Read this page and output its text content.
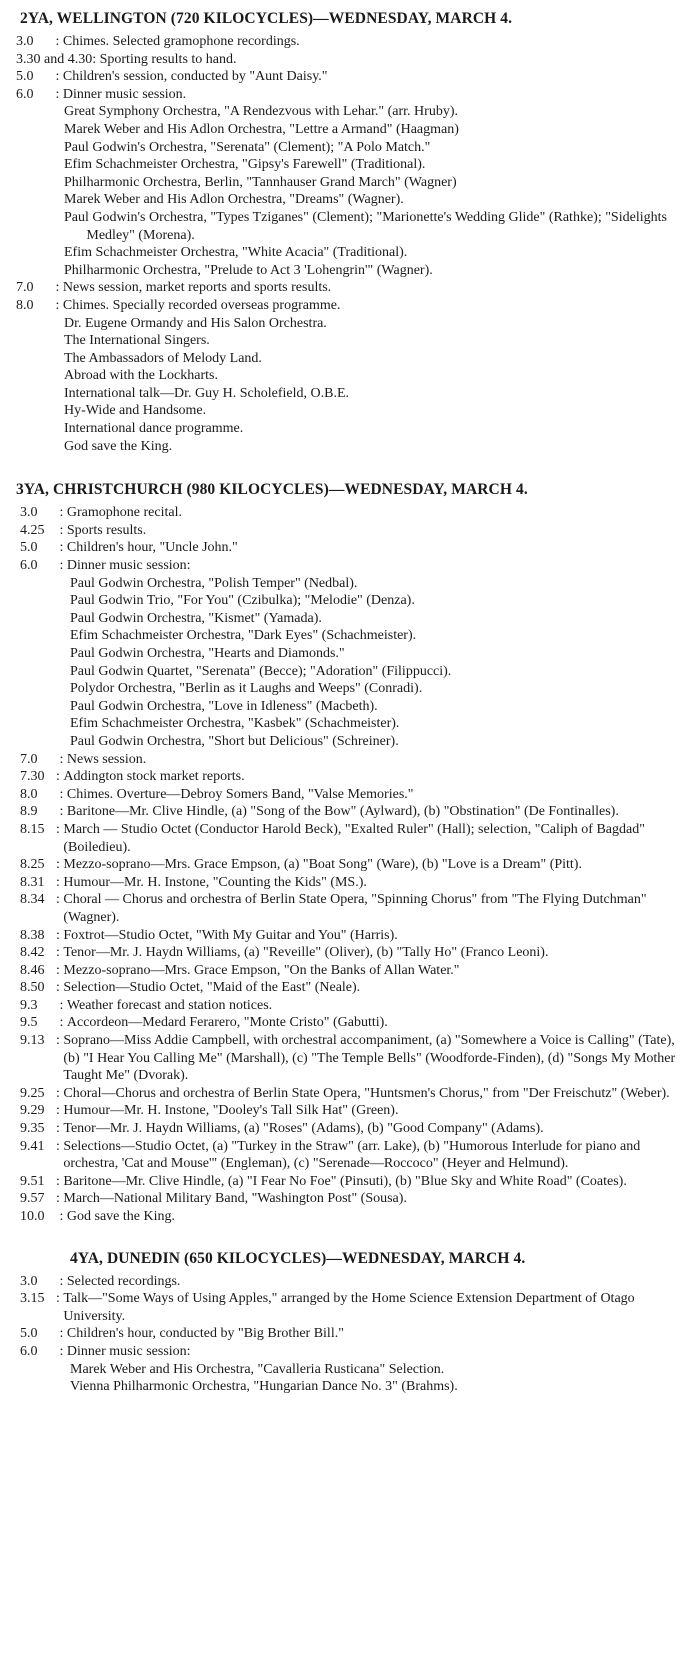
2YA, WELLINGTON (720 KILOCYCLES)—WEDNESDAY, MARCH 4.
3.0	: Chimes. Selected gramophone recordings.
3.30 and 4.30 : Sporting results to hand.
5.0	: Children's session, conducted by "Aunt Daisy."
6.0	: Dinner music session.
Great Symphony Orchestra, "A Rendezvous with Lehar." (arr. Hruby).
Marek Weber and His Adlon Orchestra, "Lettre a Armand" (Haagman)
Paul Godwin's Orchestra, "Serenata" (Clement); "A Polo Match."
Efim Schachmeister Orchestra, "Gipsy's Farewell" (Traditional).
Philharmonic Orchestra, Berlin, "Tannhauser Grand March" (Wagner)
Marek Weber and His Adlon Orchestra, "Dreams" (Wagner).
Paul Godwin's Orchestra, "Types Tziganes" (Clement); "Marionette's Wedding Glide" (Rathke); "Sidelights Medley" (Morena).
Efim Schachmeister Orchestra, "White Acacia" (Traditional).
Philharmonic Orchestra, "Prelude to Act 3 'Lohengrin'" (Wagner).
7.0	: News session, market reports and sports results.
8.0	: Chimes. Specially recorded overseas programme.
Dr. Eugene Ormandy and His Salon Orchestra.
The International Singers.
The Ambassadors of Melody Land.
Abroad with the Lockharts.
International talk—Dr. Guy H. Scholefield, O.B.E.
Hy-Wide and Handsome.
International dance programme.
God save the King.
3YA, CHRISTCHURCH (980 KILOCYCLES)—WEDNESDAY, MARCH 4.
3.0	: Gramophone recital.
4.25 : Sports results.
5.0	: Children's hour, "Uncle John."
6.0	: Dinner music session:
Paul Godwin Orchestra, "Polish Temper" (Nedbal).
Paul Godwin Trio, "For You" (Czibulka); "Melodie" (Denza).
Paul Godwin Orchestra, "Kismet" (Yamada).
Efim Schachmeister Orchestra, "Dark Eyes" (Schachmeister).
Paul Godwin Orchestra, "Hearts and Diamonds."
Paul Godwin Quartet, "Serenata" (Becce); "Adoration" (Filippucci).
Polydor Orchestra, "Berlin as it Laughs and Weeps" (Conradi).
Paul Godwin Orchestra, "Love in Idleness" (Macbeth).
Efim Schachmeister Orchestra, "Kasbek" (Schachmeister).
Paul Godwin Orchestra, "Short but Delicious" (Schreiner).
7.0	: News session.
7.30 : Addington stock market reports.
8.0	: Chimes. Overture—Debroy Somers Band, "Valse Memories."
8.9	: Baritone—Mr. Clive Hindle, (a) "Song of the Bow" (Aylward), (b) "Obstination" (De Fontinalles).
8.15 : March — Studio Octet (Conductor Harold Beck), "Exalted Ruler" (Hall); selection, "Caliph of Bagdad" (Boiledieu).
8.25 : Mezzo-soprano—Mrs. Grace Empson, (a) "Boat Song" (Ware), (b) "Love is a Dream" (Pitt).
8.31 : Humour—Mr. H. Instone, "Counting the Kids" (MS.).
8.34 : Choral — Chorus and orchestra of Berlin State Opera, "Spinning Chorus" from "The Flying Dutchman" (Wagner).
8.38 : Foxtrot—Studio Octet, "With My Guitar and You" (Harris).
8.42 : Tenor—Mr. J. Haydn Williams, (a) "Reveille" (Oliver), (b) "Tally Ho" (Franco Leoni).
8.46 : Mezzo-soprano—Mrs. Grace Empson, "On the Banks of Allan Water."
8.50 : Selection—Studio Octet, "Maid of the East" (Neale).
9.3	: Weather forecast and station notices.
9.5	: Accordeon—Medard Ferarero, "Monte Cristo" (Gabutti).
9.13 : Soprano—Miss Addie Campbell, with orchestral accompaniment, (a) "Somewhere a Voice is Calling" (Tate), (b) "I Hear You Calling Me" (Marshall), (c) "The Temple Bells" (Woodforde-Finden), (d) "Songs My Mother Taught Me" (Dvorak).
9.25 : Choral—Chorus and orchestra of Berlin State Opera, "Huntsmen's Chorus," from "Der Freischutz" (Weber).
9.29 : Humour—Mr. H. Instone, "Dooley's Tall Silk Hat" (Green).
9.35 : Tenor—Mr. J. Haydn Williams, (a) "Roses" (Adams), (b) "Good Company" (Adams).
9.41 : Selections—Studio Octet, (a) "Turkey in the Straw" (arr. Lake), (b) "Humorous Interlude for piano and orchestra, 'Cat and Mouse'" (Engleman), (c) "Serenade—Roccoco" (Heyer and Helmund).
9.51 : Baritone—Mr. Clive Hindle, (a) "I Fear No Foe" (Pinsuti), (b) "Blue Sky and White Road" (Coates).
9.57 : March—National Military Band, "Washington Post" (Sousa).
10.0 : God save the King.
4YA, DUNEDIN (650 KILOCYCLES)—WEDNESDAY, MARCH 4.
3.0	: Selected recordings.
3.15 : Talk—"Some Ways of Using Apples," arranged by the Home Science Extension Department of Otago University.
5.0	: Children's hour, conducted by "Big Brother Bill."
6.0	: Dinner music session:
Marek Weber and His Orchestra, "Cavalleria Rusticana" Selection.
Vienna Philharmonic Orchestra, "Hungarian Dance No. 3" (Brahms).
